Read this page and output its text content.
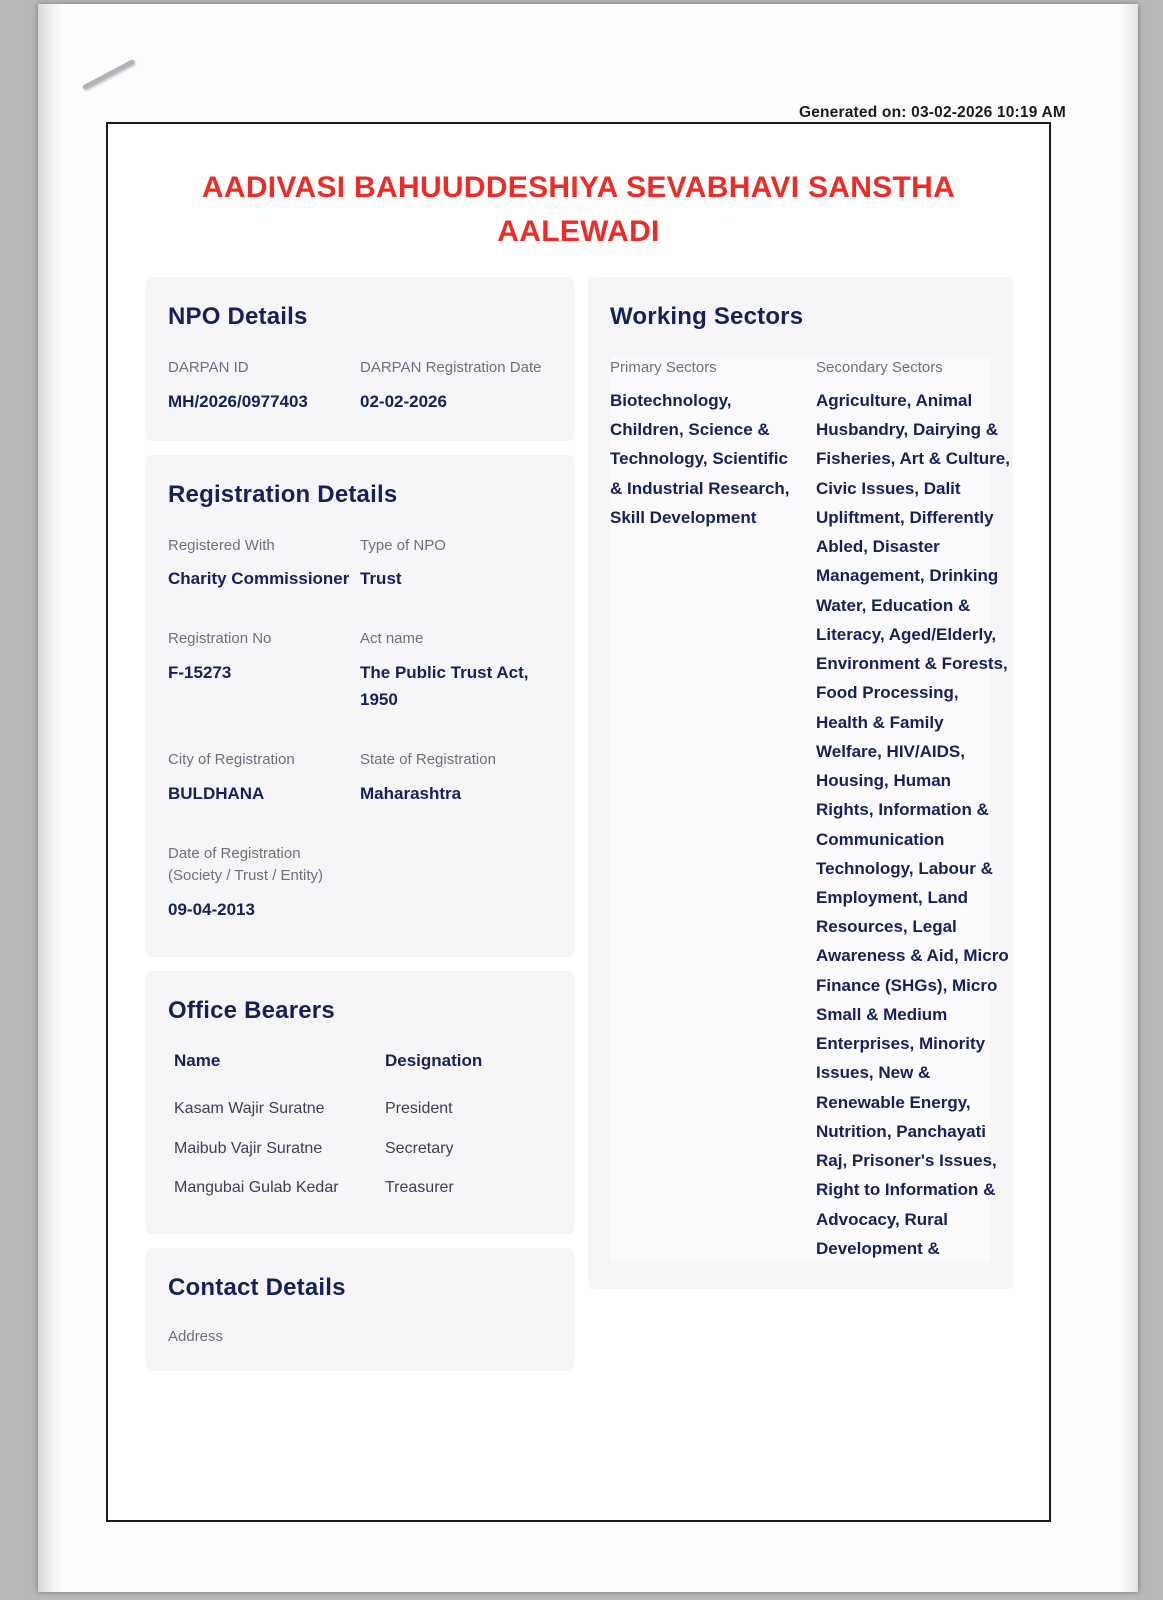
Generated on: 03-02-2026 10:19 AM
AADIVASI BAHUUDDESHIYA SEVABHAVI SANSTHA AALEWADI
NPO Details
DARPAN ID
MH/2026/0977403
DARPAN Registration Date
02-02-2026
Registration Details
Registered With
Charity Commissioner
Type of NPO
Trust
Registration No
F-15273
Act name
The Public Trust Act, 1950
City of Registration
BULDHANA
State of Registration
Maharashtra
Date of Registration (Society / Trust / Entity)
09-04-2013
Office Bearers
Name	Designation
Kasam Wajir Suratne	President
Maibub Vajir Suratne	Secretary
Mangubai Gulab Kedar	Treasurer
Contact Details
Address
Working Sectors
Primary Sectors
Biotechnology, Children, Science & Technology, Scientific & Industrial Research, Skill Development
Secondary Sectors
Agriculture, Animal Husbandry, Dairying & Fisheries, Art & Culture, Civic Issues, Dalit Upliftment, Differently Abled, Disaster Management, Drinking Water, Education & Literacy, Aged/Elderly, Environment & Forests, Food Processing, Health & Family Welfare, HIV/AIDS, Housing, Human Rights, Information & Communication Technology, Labour & Employment, Land Resources, Legal Awareness & Aid, Micro Finance (SHGs), Micro Small & Medium Enterprises, Minority Issues, New & Renewable Energy, Nutrition, Panchayati Raj, Prisoner's Issues, Right to Information & Advocacy, Rural Development &
